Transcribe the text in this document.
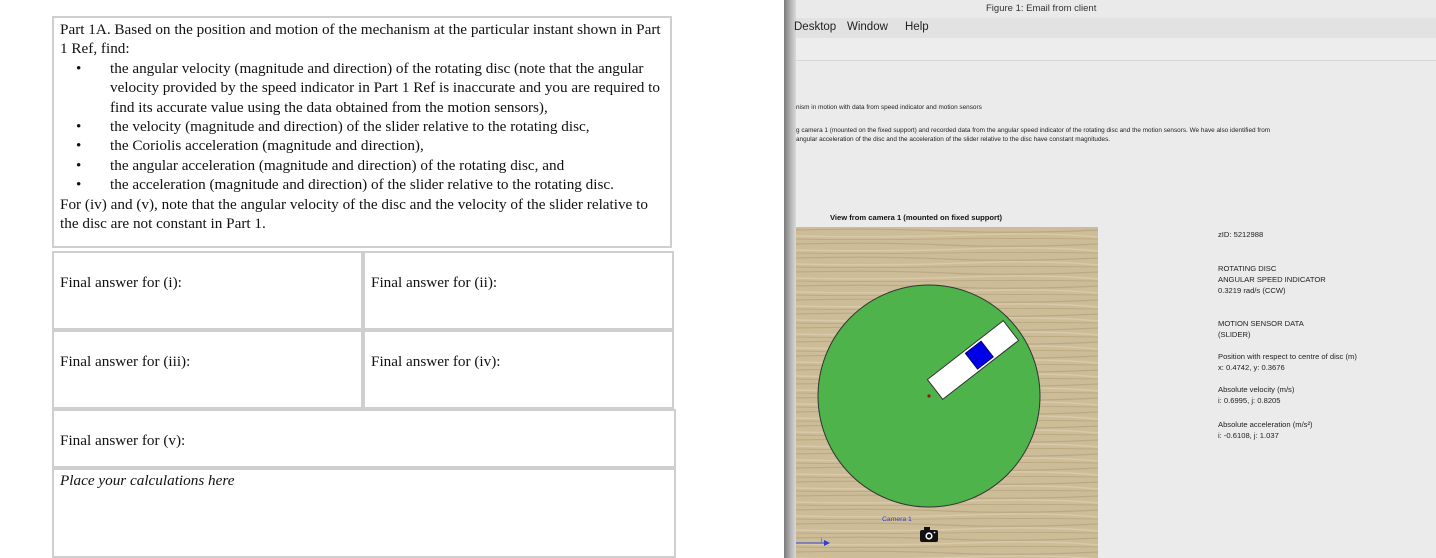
Part 1A. Based on the position and motion of the mechanism at the particular instant shown in Part 1 Ref, find:

• the angular velocity (magnitude and direction) of the rotating disc (note that the angular velocity provided by the speed indicator in Part 1 Ref is inaccurate and you are required to find its accurate value using the data obtained from the motion sensors),
• the velocity (magnitude and direction) of the slider relative to the rotating disc,
• the Coriolis acceleration (magnitude and direction),
• the angular acceleration (magnitude and direction) of the rotating disc, and
• the acceleration (magnitude and direction) of the slider relative to the rotating disc.

For (iv) and (v), note that the angular velocity of the disc and the velocity of the slider relative to the disc are not constant in Part 1.

Final answer for (i):	Final answer for (ii):
Final answer for (iii):	Final answer for (iv):
Final answer for (v):
Place your calculations here
Figure 1: Email from client
Desktop Window Help
nism in motion with data from speed indicator and motion sensors
g camera 1 (mounted on the fixed support) and recorded data from the angular speed indicator of the rotating disc and the motion sensors. We have also identified from
angular acceleration of the disc and the acceleration of the slider relative to the disc have constant magnitudes.
View from camera 1 (mounted on fixed support)
Camera 1
i
zID: 5212988
ROTATING DISC
ANGULAR SPEED INDICATOR
0.3219 rad/s (CCW)
MOTION SENSOR DATA
(SLIDER)
Position with respect to centre of disc (m)
x: 0.4742, y: 0.3676
Absolute velocity (m/s)
i: 0.6995, j: 0.8205
Absolute acceleration (m/s²)
i: -0.6108, j: 1.037
